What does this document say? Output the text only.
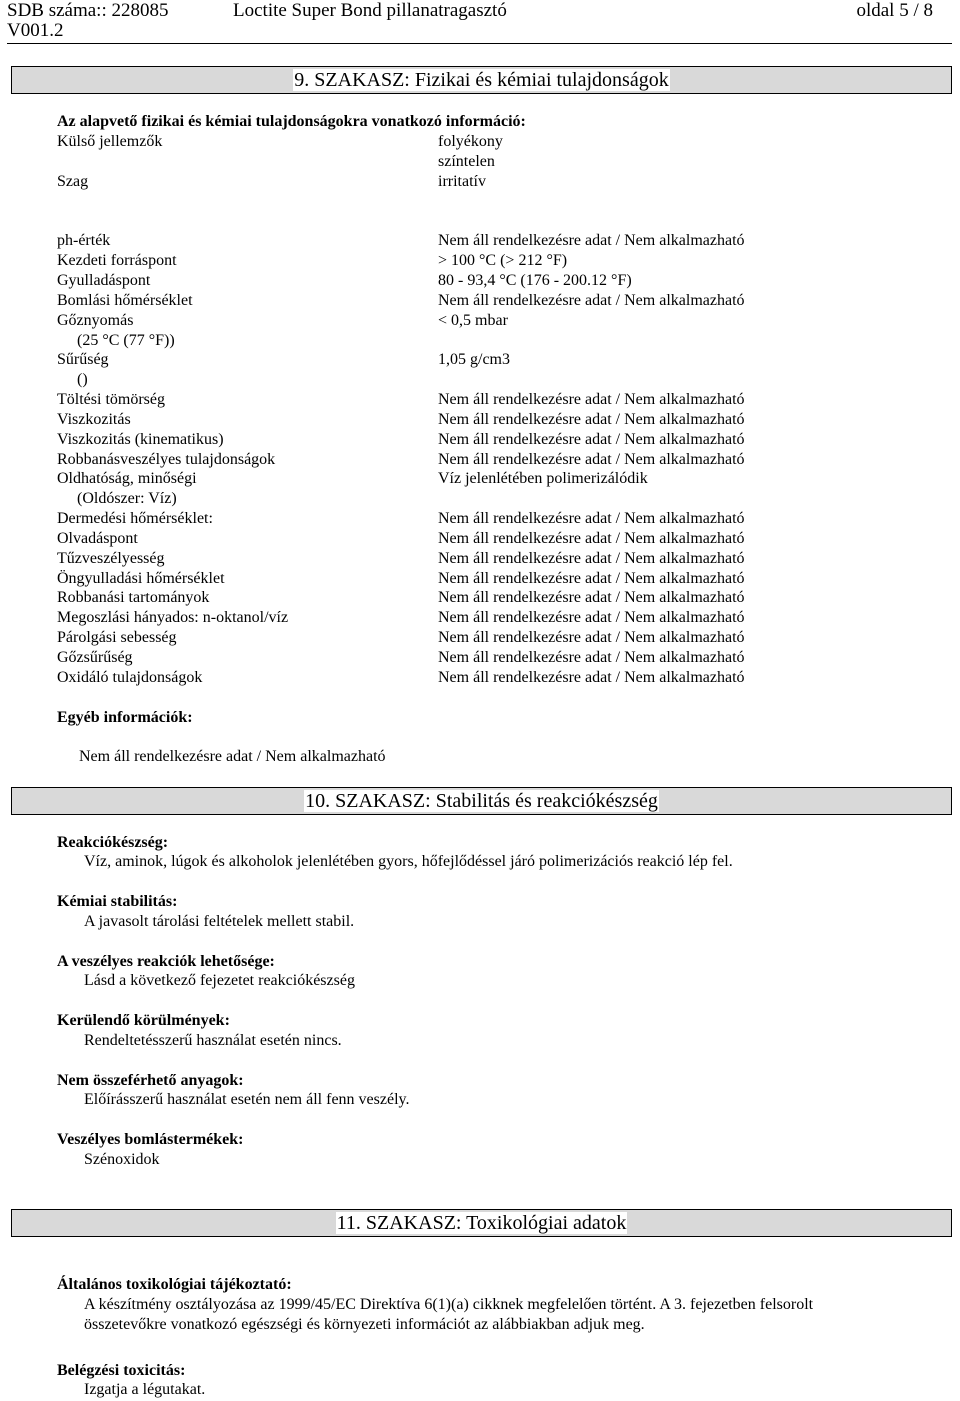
SDB száma:: 228085	Loctite Super Bond pillanatragasztó	oldal 5 / 8
V001.2
9. SZAKASZ: Fizikai és kémiai tulajdonságok
Az alapvető fizikai és kémiai tulajdonságokra vonatkozó információ:
Külső jellemzők	folyékony
színtelen
Szag	irritatív
ph-érték	Nem áll rendelkezésre adat / Nem alkalmazható
Kezdeti forráspont	> 100 °C (> 212 °F)
Gyulladáspont	80 - 93,4 °C (176 - 200.12 °F)
Bomlási hőmérséklet	Nem áll rendelkezésre adat / Nem alkalmazható
Gőznyomás	< 0,5 mbar
(25 °C (77 °F))
Sűrűség	1,05 g/cm3
()
Töltési tömörség	Nem áll rendelkezésre adat / Nem alkalmazható
Viszkozitás	Nem áll rendelkezésre adat / Nem alkalmazható
Viszkozitás (kinematikus)	Nem áll rendelkezésre adat / Nem alkalmazható
Robbanásveszélyes tulajdonságok	Nem áll rendelkezésre adat / Nem alkalmazható
Oldhatóság, minőségi	Víz jelenlétében polimerizálódik
(Oldószer: Víz)
Dermedési hőmérséklet:	Nem áll rendelkezésre adat / Nem alkalmazható
Olvadáspont	Nem áll rendelkezésre adat / Nem alkalmazható
Tűzveszélyesség	Nem áll rendelkezésre adat / Nem alkalmazható
Öngyulladási hőmérséklet	Nem áll rendelkezésre adat / Nem alkalmazható
Robbanási tartományok	Nem áll rendelkezésre adat / Nem alkalmazható
Megoszlási hányados: n-oktanol/víz	Nem áll rendelkezésre adat / Nem alkalmazható
Párolgási sebesség	Nem áll rendelkezésre adat / Nem alkalmazható
Gőzsűrűség	Nem áll rendelkezésre adat / Nem alkalmazható
Oxidáló tulajdonságok	Nem áll rendelkezésre adat / Nem alkalmazható
Egyéb információk:
Nem áll rendelkezésre adat / Nem alkalmazható
10. SZAKASZ: Stabilitás és reakciókészség
Reakciókészség:
Víz, aminok, lúgok és alkoholok jelenlétében gyors, hőfejlődéssel járó polimerizációs reakció lép fel.
Kémiai stabilitás:
A javasolt tárolási feltételek mellett stabil.
A veszélyes reakciók lehetősége:
Lásd a következő fejezetet reakciókészség
Kerülendő körülmények:
Rendeltetésszerű használat esetén nincs.
Nem összeférhető anyagok:
Előírásszerű használat esetén nem áll fenn veszély.
Veszélyes bomlástermékek:
Szénoxidok
11. SZAKASZ: Toxikológiai adatok
Általános toxikológiai tájékoztató:
A készítmény osztályozása az 1999/45/EC Direktíva 6(1)(a) cikknek megfelelően történt. A 3. fejezetben felsorolt
összetevőkre vonatkozó egészségi és környezeti információt az alábbiakban adjuk meg.
Belégzési toxicitás:
Izgatja a légutakat.
